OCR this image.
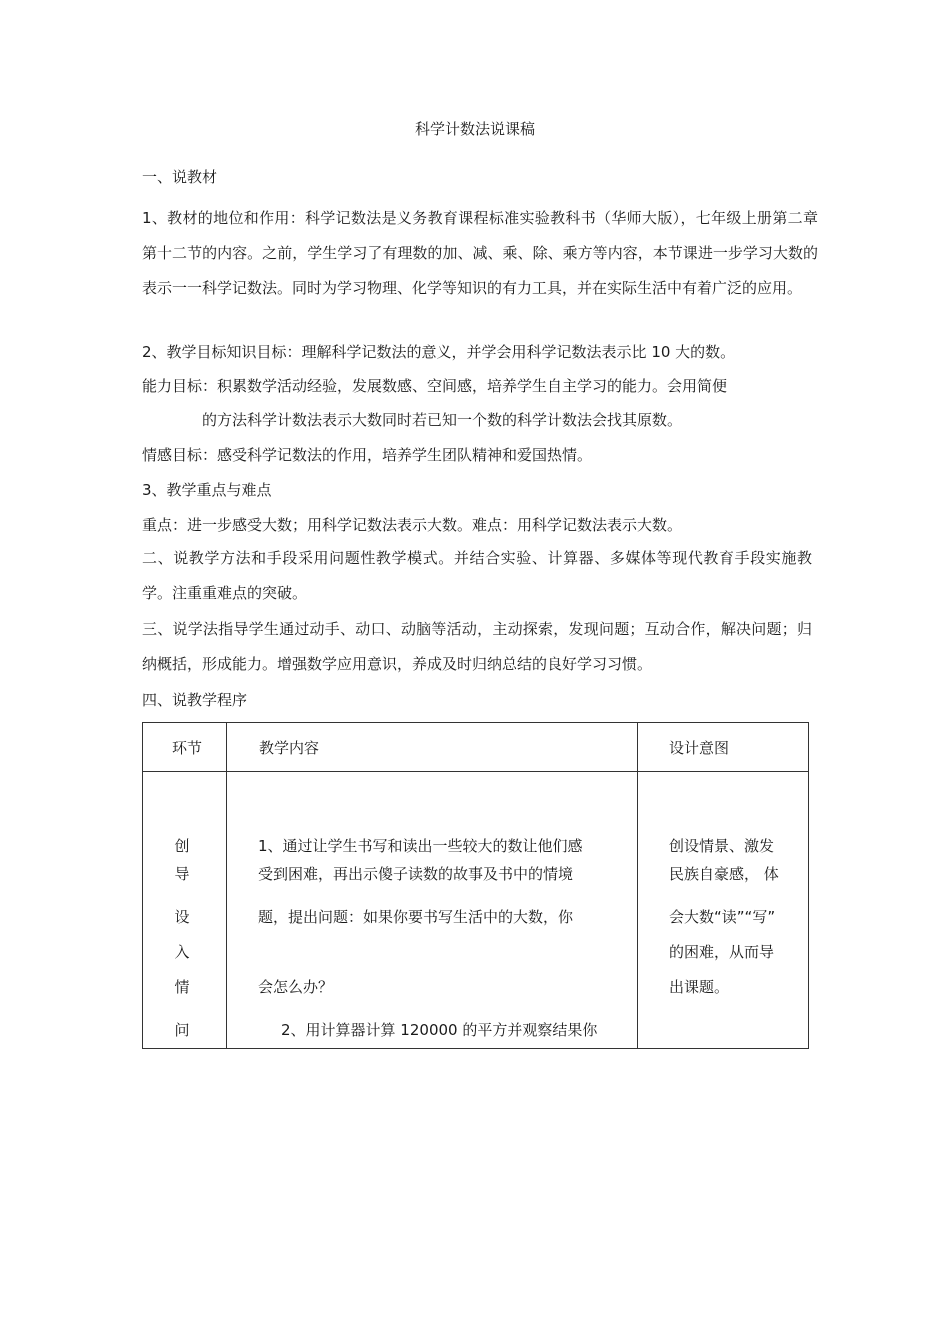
科学计数法说课稿
一、说教材
1、教材的地位和作用：科学记数法是义务教育课程标准实验教科书（华师大版），七年级上册第二章第十二节的内容。之前，学生学习了有理数的加、减、乘、除、乘方等内容，本节课进一步学习大数的表示一一科学记数法。同时为学习物理、化学等知识的有力工具，并在实际生活中有着广泛的应用。
2、教学目标知识目标：理解科学记数法的意义，并学会用科学记数法表示比 10 大的数。
能力目标：积累数学活动经验，发展数感、空间感，培养学生自主学习的能力。会用简便
的方法科学计数法表示大数同时若已知一个数的科学计数法会找其原数。
情感目标：感受科学记数法的作用，培养学生团队精神和爱国热情。
3、教学重点与难点
重点：进一步感受大数；用科学记数法表示大数。难点：用科学记数法表示大数。
二、说教学方法和手段采用问题性教学模式。并结合实验、计算器、多媒体等现代教育手段实施教学。注重重难点的突破。
三、说学法指导学生通过动手、动口、动脑等活动，主动探索，发现问题；互动合作，解决问题；归纳概括，形成能力。增强数学应用意识，养成及时归纳总结的良好学习习惯。
四、说教学程序
环节	教学内容	设计意图
创
导
设
入
情
问
1、通过让学生书写和读出一些较大的数让他们感
受到困难，再出示傻子读数的故事及书中的情境
题，提出问题：如果你要书写生活中的大数，你
会怎么办？
2、用计算器计算 120000 的平方并观察结果你
创设情景、激发
民族自豪感， 体
会大数“读”“写”
的困难，从而导
出课题。
